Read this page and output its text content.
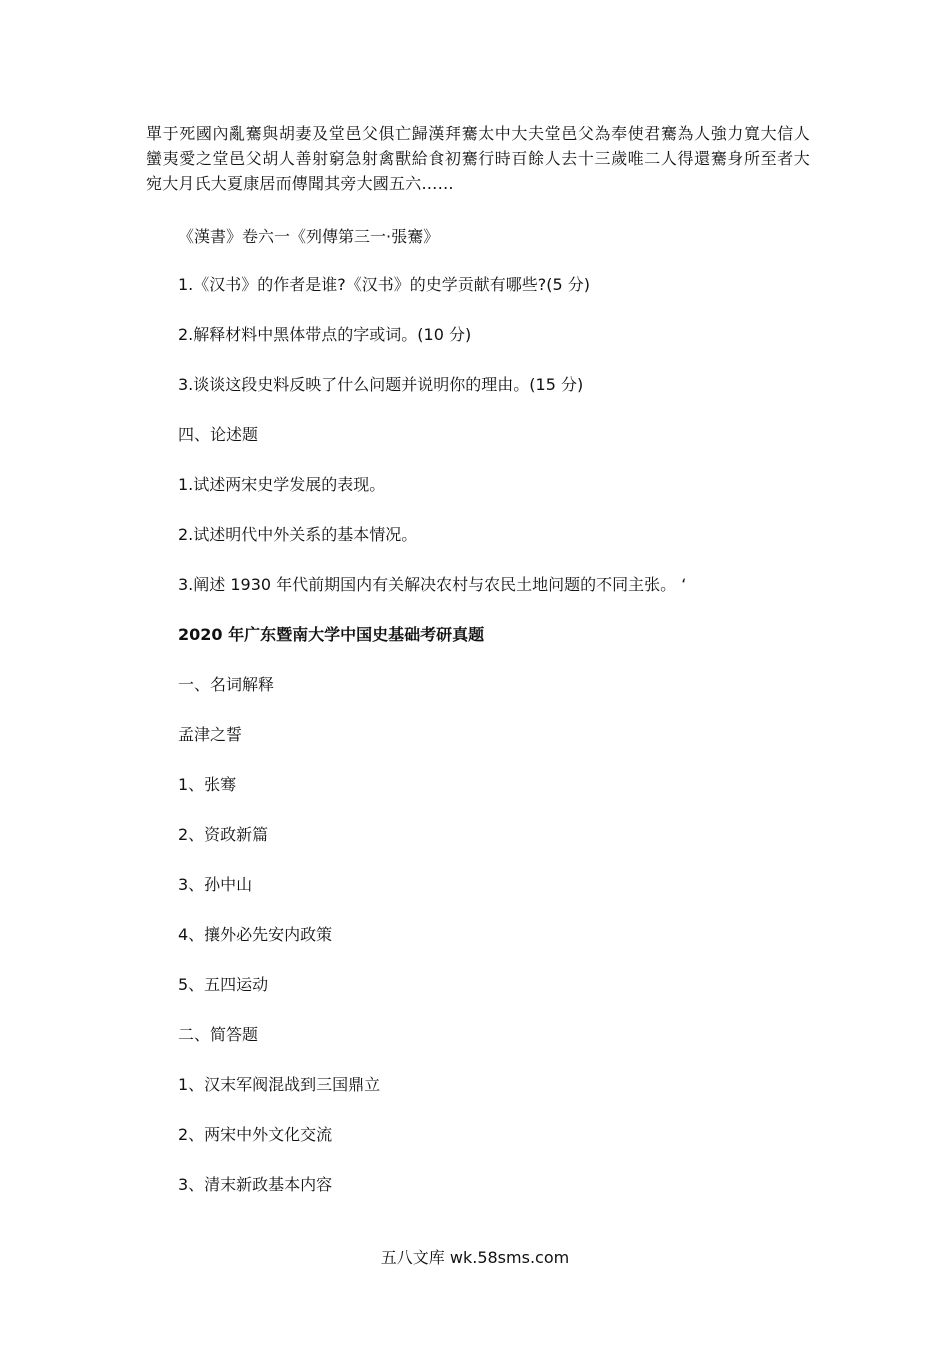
單于死國內亂騫與胡妻及堂邑父俱亡歸漢拜騫太中大夫堂邑父為奉使君騫為人強力寬大信人蠻夷愛之堂邑父胡人善射窮急射禽獸給食初騫行時百餘人去十三歲唯二人得還騫身所至者大宛大月氏大夏康居而傳聞其旁大國五六……
《漢書》卷六一《列傳第三一·張騫》
1.《汉书》的作者是谁?《汉书》的史学贡献有哪些?(5 分)
2.解释材料中黑体带点的字或词。(10 分)
3.谈谈这段史料反映了什么问题并说明你的理由。(15 分)
四、论述题
1.试述两宋史学发展的表现。
2.试述明代中外关系的基本情况。
3.阐述 1930 年代前期国内有关解决农村与农民土地问题的不同主张。 ‘
2020 年广东暨南大学中国史基础考研真题
一、名词解释
孟津之誓
1、张骞
2、资政新篇
3、孙中山
4、攘外必先安内政策
5、五四运动
二、简答题
1、汉末军阀混战到三国鼎立
2、两宋中外文化交流
3、清末新政基本内容
五八文库 wk.58sms.com
